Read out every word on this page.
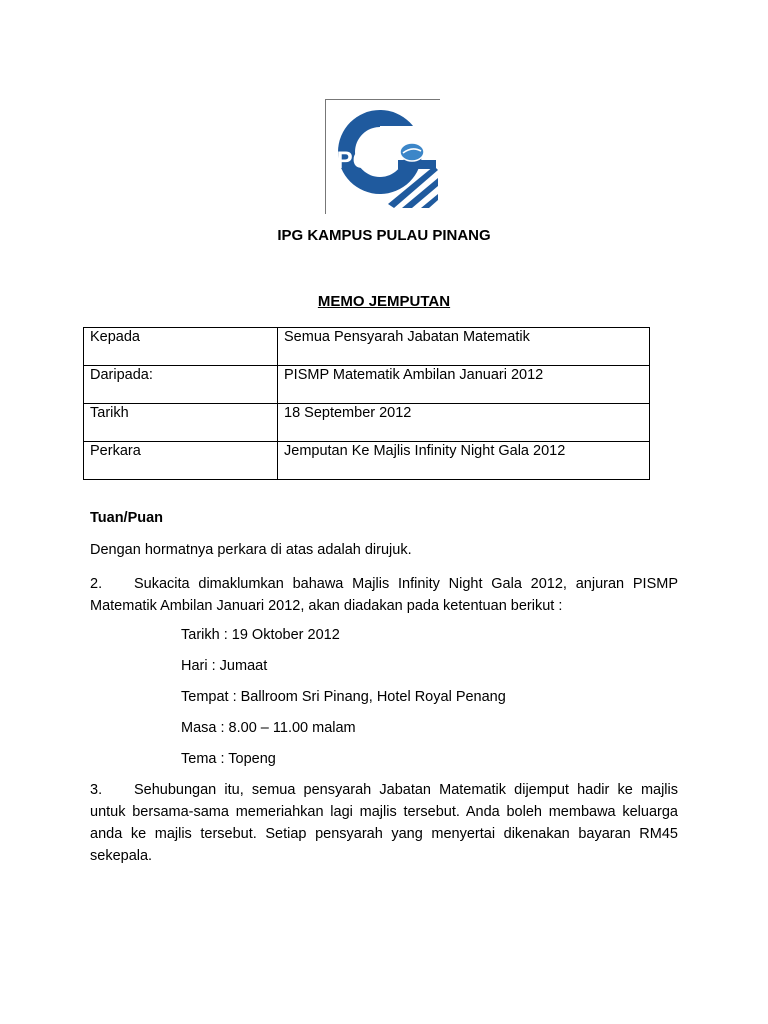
iPG
IPG KAMPUS PULAU PINANG
MEMO JEMPUTAN
Kepada	Semua Pensyarah Jabatan Matematik
Daripada:	PISMP Matematik Ambilan Januari 2012
Tarikh	18 September 2012
Perkara	Jemputan Ke Majlis Infinity Night Gala 2012
Tuan/Puan
Dengan hormatnya perkara di atas adalah dirujuk.
2. Sukacita dimaklumkan bahawa Majlis Infinity Night Gala 2012, anjuran PISMP Matematik Ambilan Januari 2012, akan diadakan pada ketentuan berikut :
Tarikh : 19 Oktober 2012
Hari : Jumaat
Tempat : Ballroom Sri Pinang, Hotel Royal Penang
Masa : 8.00 – 11.00 malam
Tema : Topeng
3. Sehubungan itu, semua pensyarah Jabatan Matematik dijemput hadir ke majlis untuk bersama-sama memeriahkan lagi majlis tersebut. Anda boleh membawa keluarga anda ke majlis tersebut. Setiap pensyarah yang menyertai dikenakan bayaran RM45 sekepala.
